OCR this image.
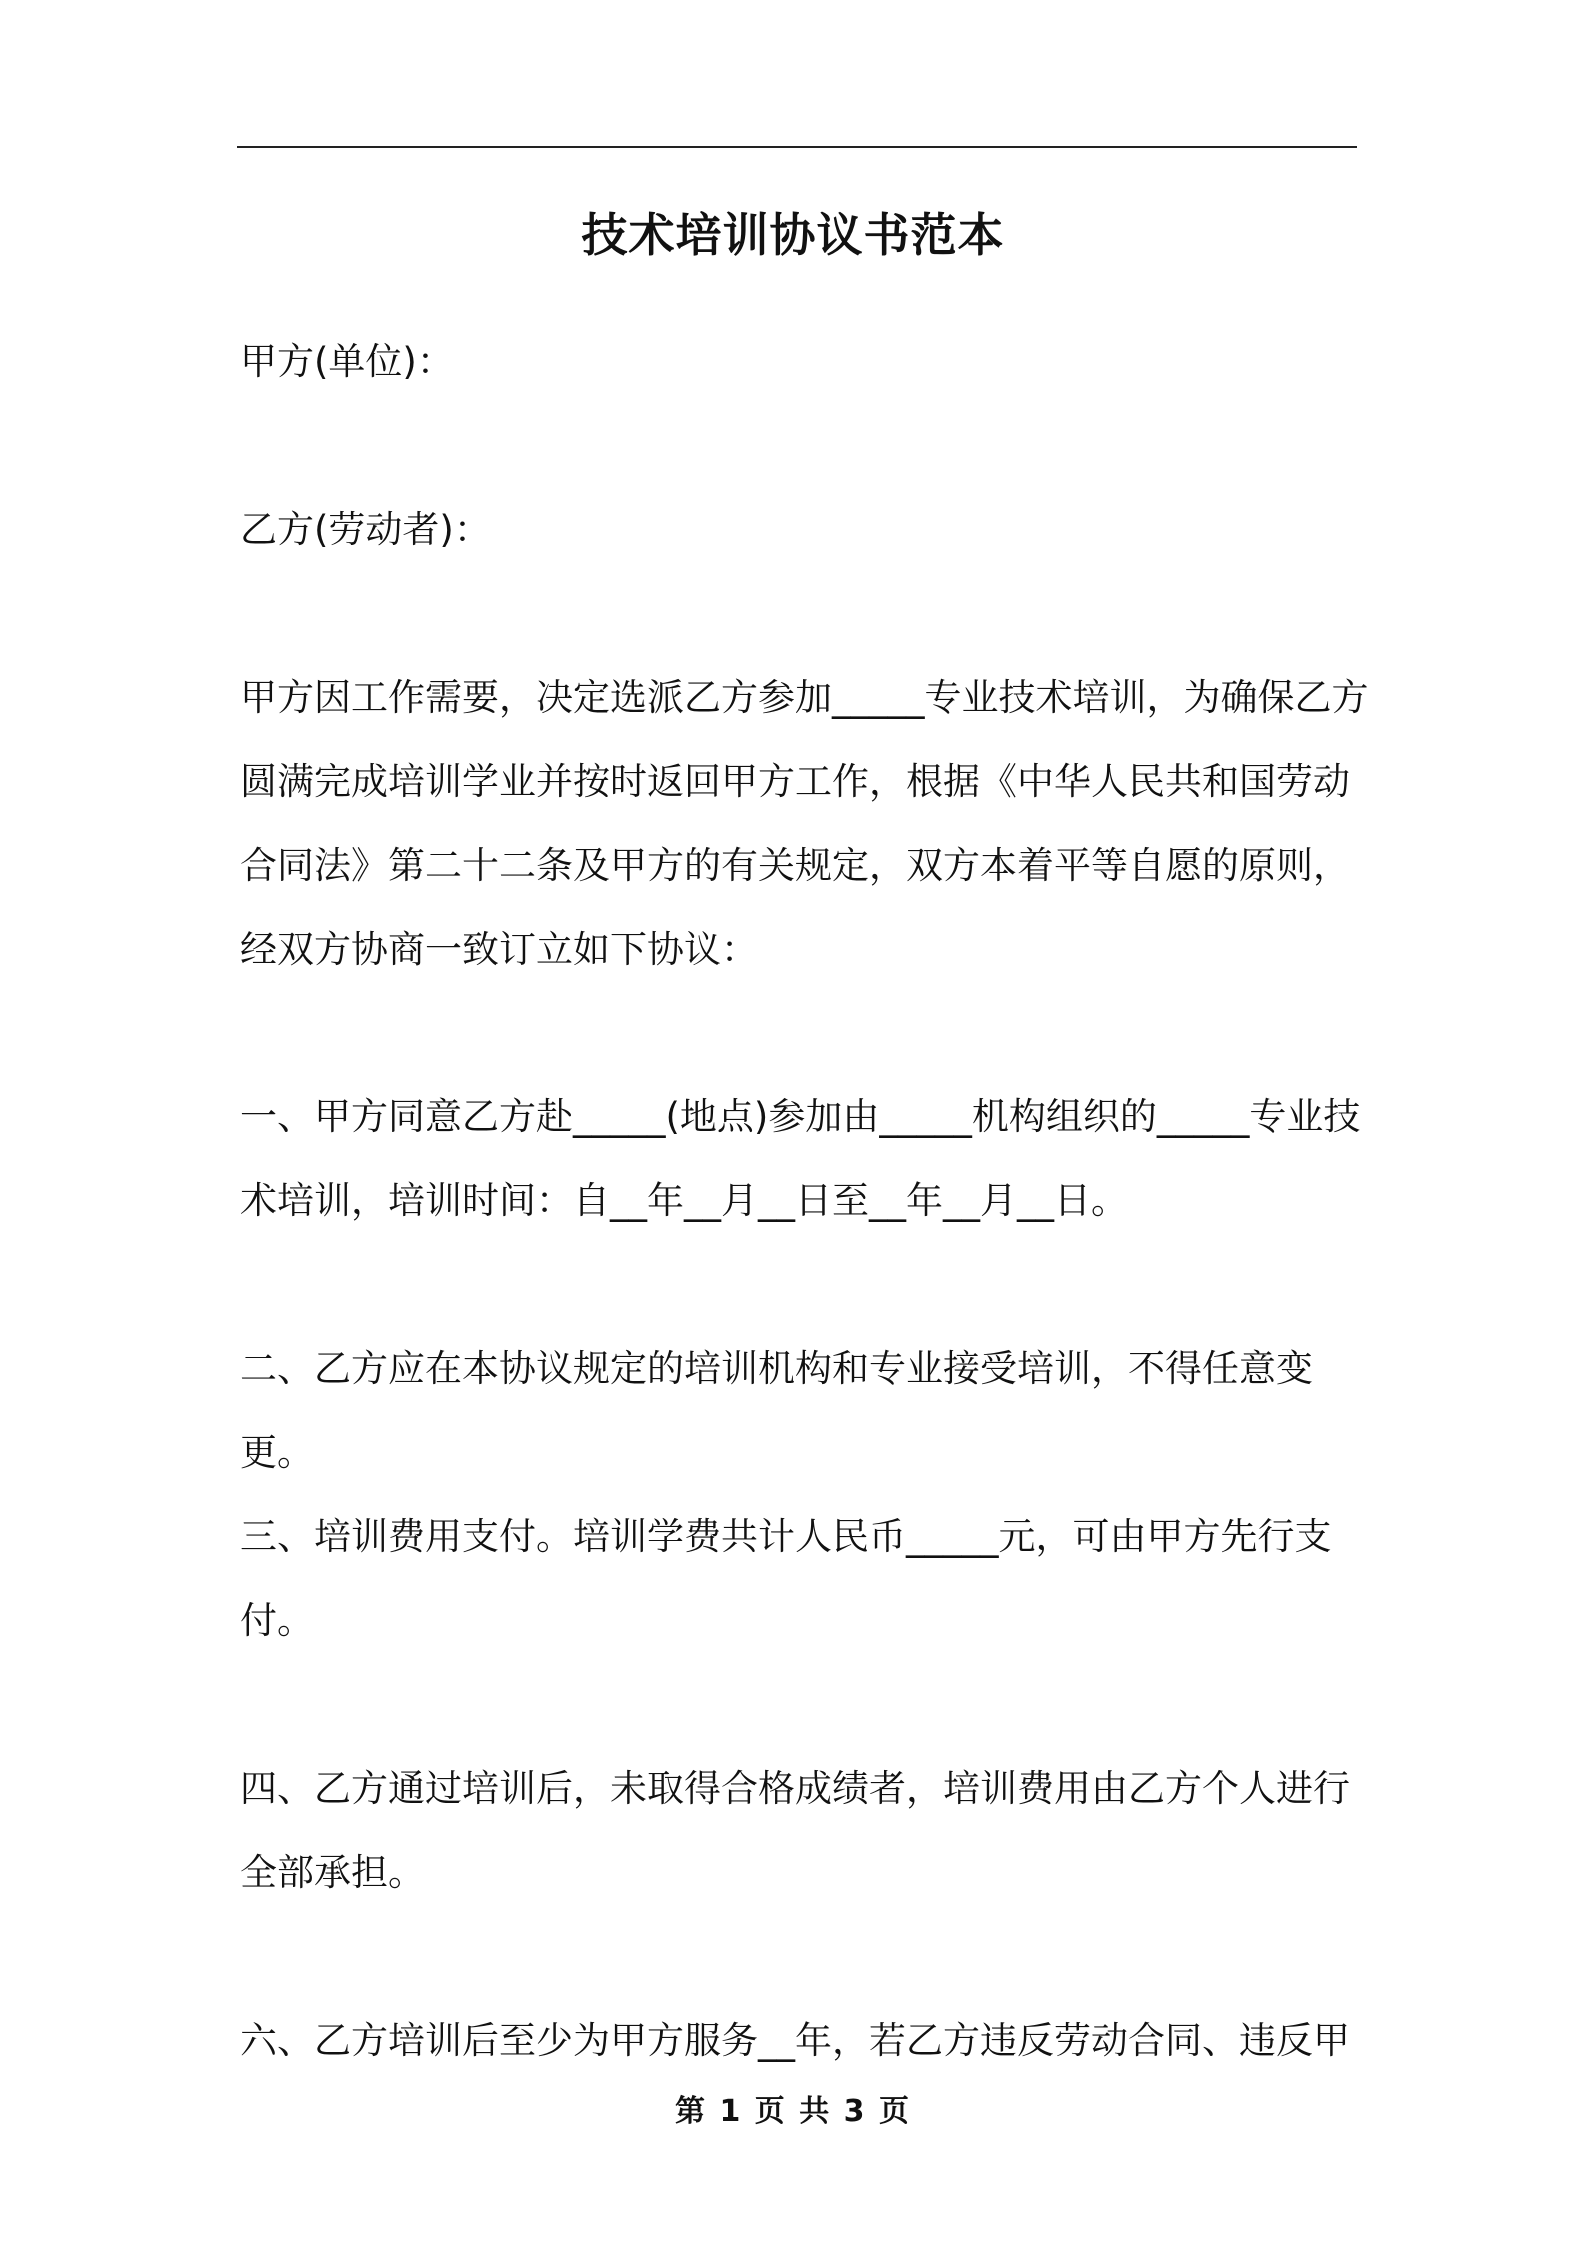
技术培训协议书范本
甲方(单位)：
乙方(劳动者)：
甲方因工作需要，决定选派乙方参加_____专业技术培训，为确保乙方圆满完成培训学业并按时返回甲方工作，根据《中华人民共和国劳动合同法》第二十二条及甲方的有关规定，双方本着平等自愿的原则，经双方协商一致订立如下协议：
一、甲方同意乙方赴_____(地点)参加由_____机构组织的_____专业技术培训，培训时间：自__年__月__日至__年__月__日。
二、乙方应在本协议规定的培训机构和专业接受培训，不得任意变更。
三、培训费用支付。培训学费共计人民币_____元，可由甲方先行支付。
四、乙方通过培训后，未取得合格成绩者，培训费用由乙方个人进行全部承担。
六、乙方培训后至少为甲方服务__年，若乙方违反劳动合同、违反甲
第 1 页 共 3 页
